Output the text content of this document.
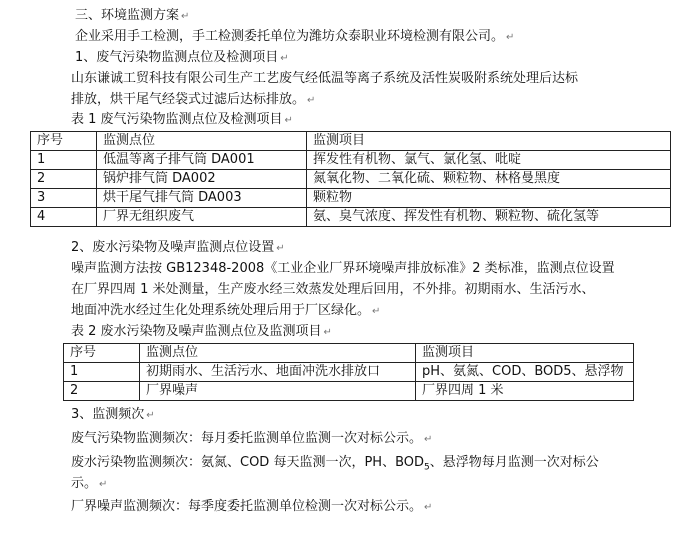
三、环境监测方案 ↵
企业采用手工检测，手工检测委托单位为潍坊众泰职业环境检测有限公司。 ↵
1、废气污染物监测点位及检测项目 ↵
山东谦诚工贸科技有限公司生产工艺废气经低温等离子系统及活性炭吸附系统处理后达标
排放，烘干尾气经袋式过滤后达标排放。 ↵
表 1 废气污染物监测点位及检测项目 ↵
序号	监测点位	监测项目
1	低温等离子排气筒 DA001	挥发性有机物、氯气、氯化氢、吡啶
2	锅炉排气筒 DA002	氮氧化物、二氧化硫、颗粒物、林格曼黑度
3	烘干尾气排气筒 DA003	颗粒物
4	厂界无组织废气	氨、臭气浓度、挥发性有机物、颗粒物、硫化氢等
2、废水污染物及噪声监测点位设置 ↵
噪声监测方法按 GB12348-2008《工业企业厂界环境噪声排放标准》2 类标准，监测点位设置
在厂界四周 1 米处测量，生产废水经三效蒸发处理后回用，不外排。初期雨水、生活污水、
地面冲洗水经过生化处理系统处理后用于厂区绿化。 ↵
表 2 废水污染物及噪声监测点位及监测项目 ↵
序号	监测点位	监测项目
1	初期雨水、生活污水、地面冲洗水排放口	pH、氨氮、COD、BOD5、悬浮物
2	厂界噪声	厂界四周 1 米
3、监测频次 ↵
废气污染物监测频次：每月委托监测单位监测一次对标公示。 ↵
废水污染物监测频次：氨氮、COD 每天监测一次，PH、$BOD_5$、悬浮物每月监测一次对标公
示。 ↵
厂界噪声监测频次：每季度委托监测单位检测一次对标公示。 ↵
